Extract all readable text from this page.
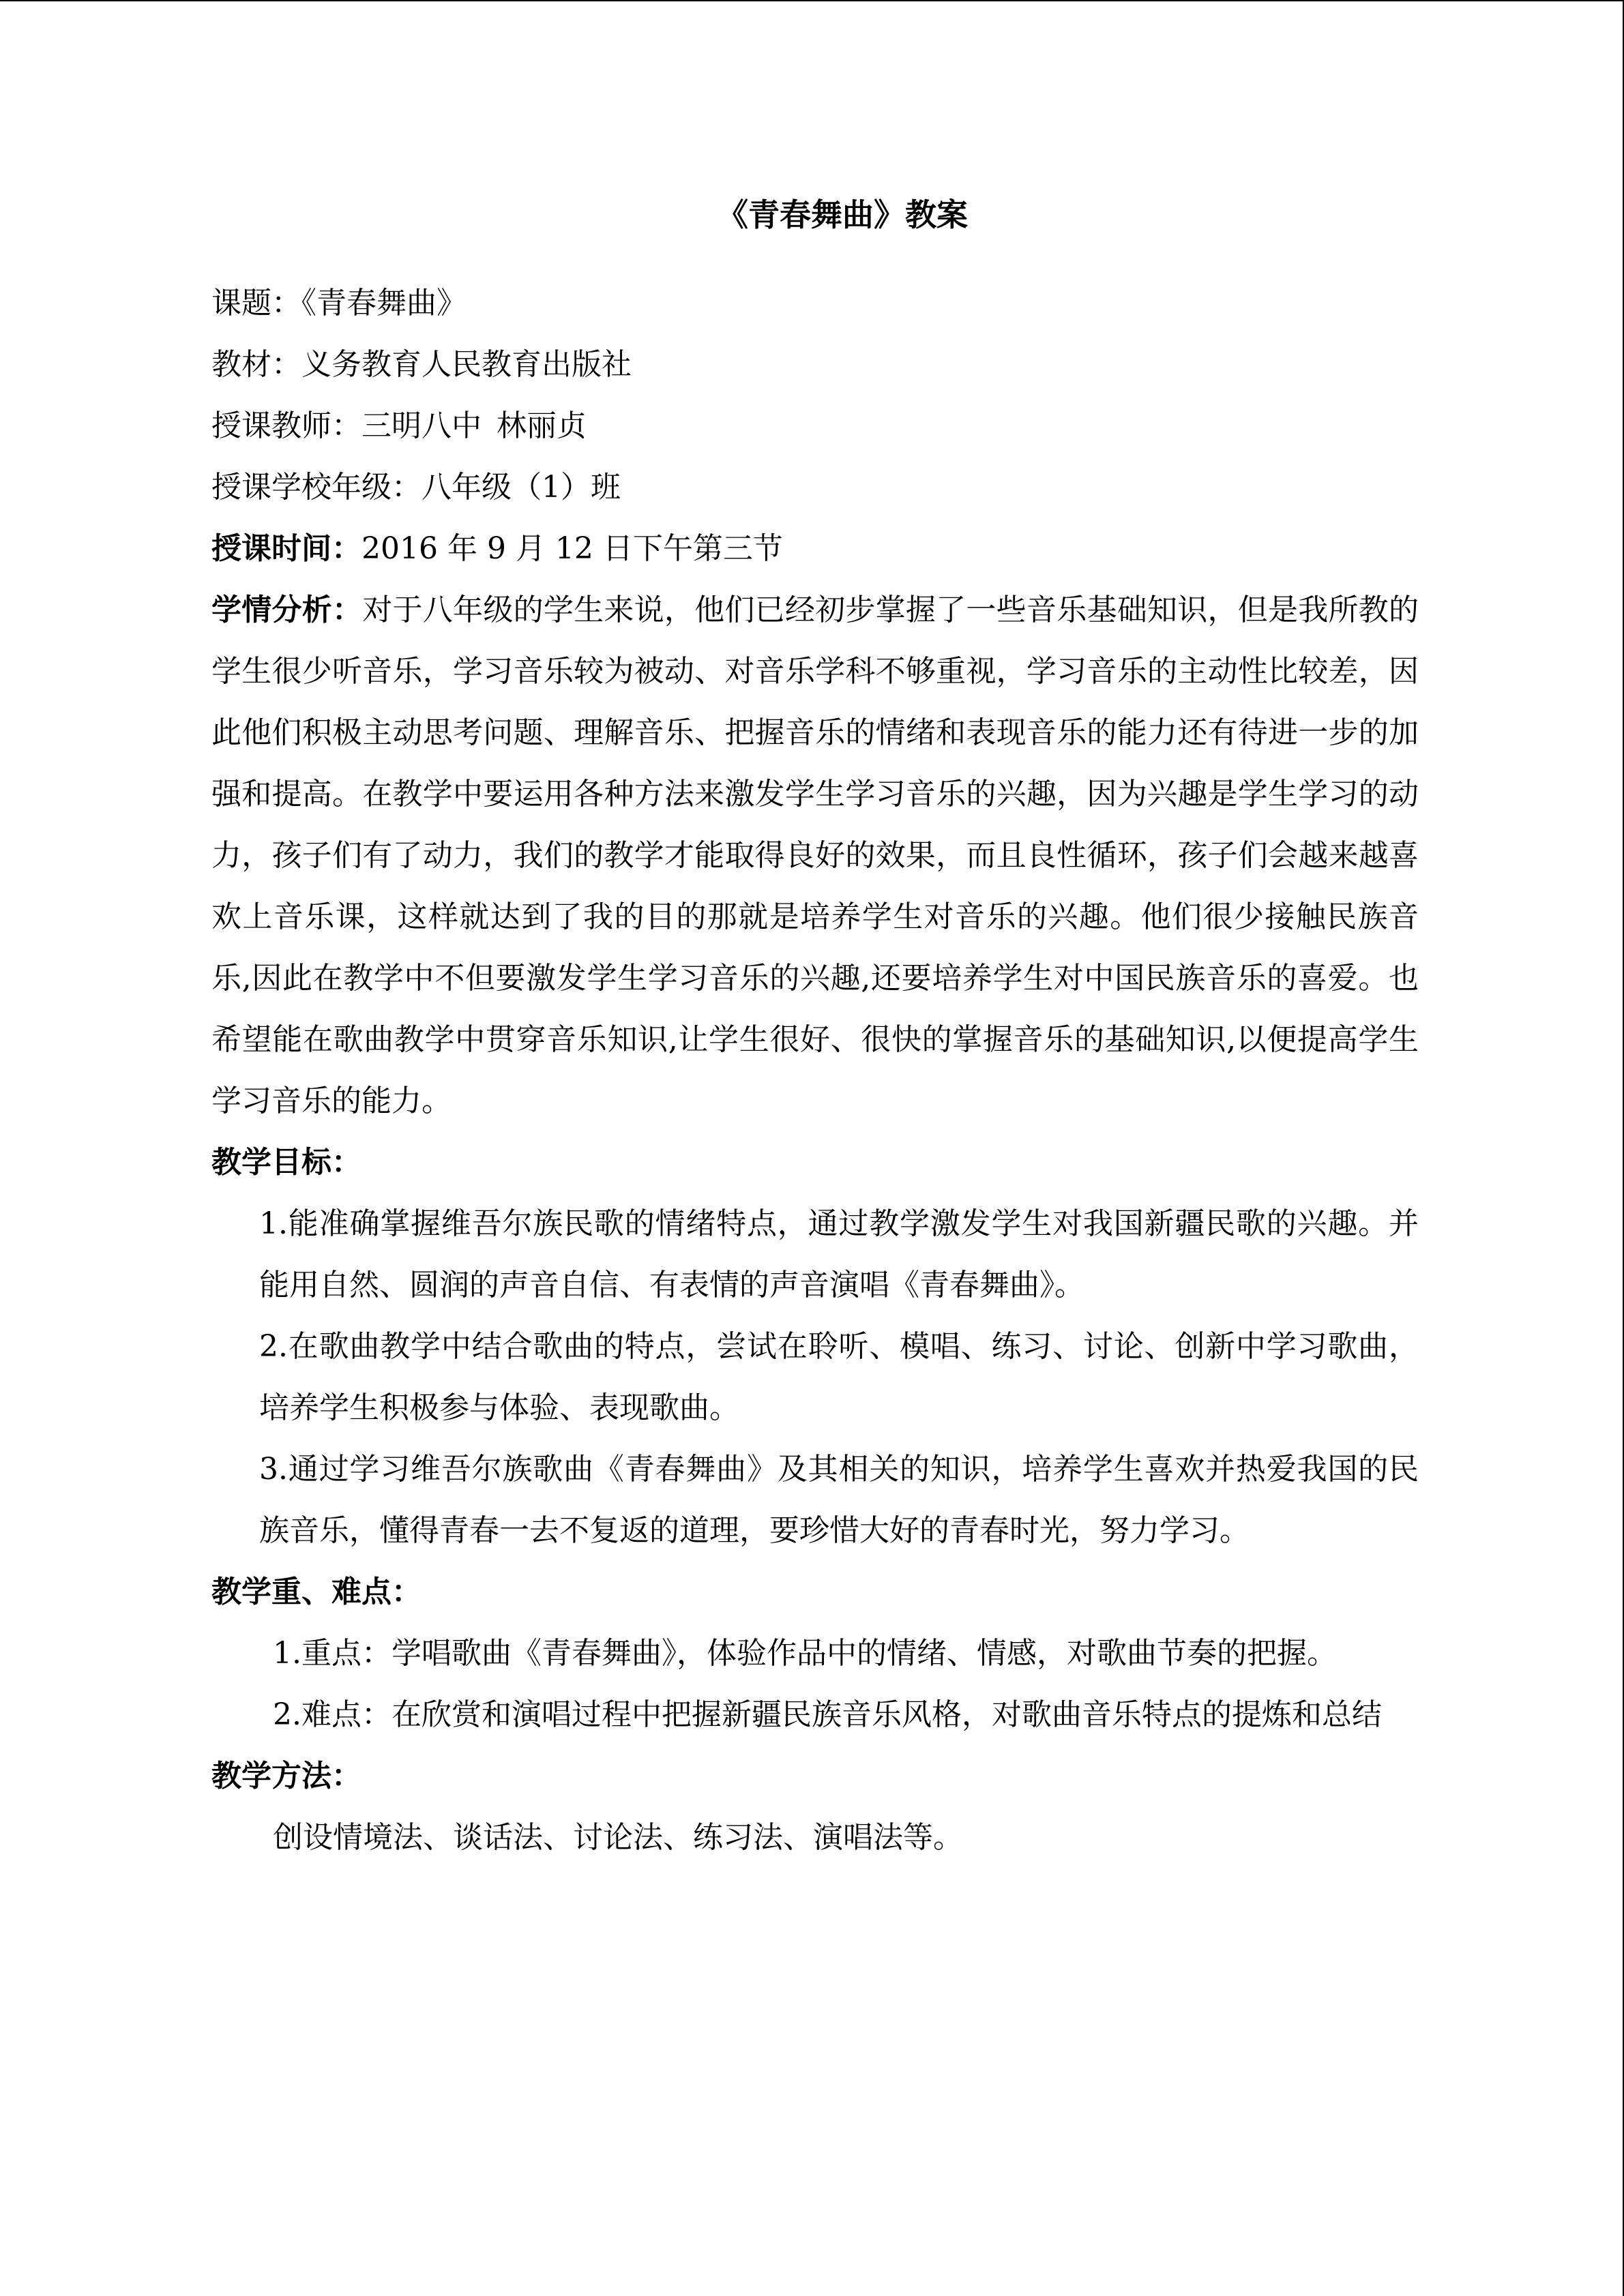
《青春舞曲》教案

课题：《青春舞曲》

教材：义务教育人民教育出版社

授课教师：三明八中 林丽贞

授课学校年级：八年级（1）班

授课时间：2016 年 9 月 12 日下午第三节

学情分析：对于八年级的学生来说，他们已经初步掌握了一些音乐基础知识，但是我所教的学生很少听音乐，学习音乐较为被动、对音乐学科不够重视，学习音乐的主动性比较差，因此他们积极主动思考问题、理解音乐、把握音乐的情绪和表现音乐的能力还有待进一步的加强和提高。在教学中要运用各种方法来激发学生学习音乐的兴趣，因为兴趣是学生学习的动力，孩子们有了动力，我们的教学才能取得良好的效果，而且良性循环，孩子们会越来越喜欢上音乐课，这样就达到了我的目的那就是培养学生对音乐的兴趣。他们很少接触民族音乐,因此在教学中不但要激发学生学习音乐的兴趣,还要培养学生对中国民族音乐的喜爱。也希望能在歌曲教学中贯穿音乐知识,让学生很好、很快的掌握音乐的基础知识,以便提高学生学习音乐的能力。

教学目标：

1.能准确掌握维吾尔族民歌的情绪特点，通过教学激发学生对我国新疆民歌的兴趣。并能用自然、圆润的声音自信、有表情的声音演唱《青春舞曲》。

2.在歌曲教学中结合歌曲的特点，尝试在聆听、模唱、练习、讨论、创新中学习歌曲，培养学生积极参与体验、表现歌曲。

3.通过学习维吾尔族歌曲《青春舞曲》及其相关的知识，培养学生喜欢并热爱我国的民族音乐，懂得青春一去不复返的道理，要珍惜大好的青春时光，努力学习。

教学重、难点：

1.重点：学唱歌曲《青春舞曲》，体验作品中的情绪、情感，对歌曲节奏的把握。

2.难点：在欣赏和演唱过程中把握新疆民族音乐风格，对歌曲音乐特点的提炼和总结

教学方法：

创设情境法、谈话法、讨论法、练习法、演唱法等。
